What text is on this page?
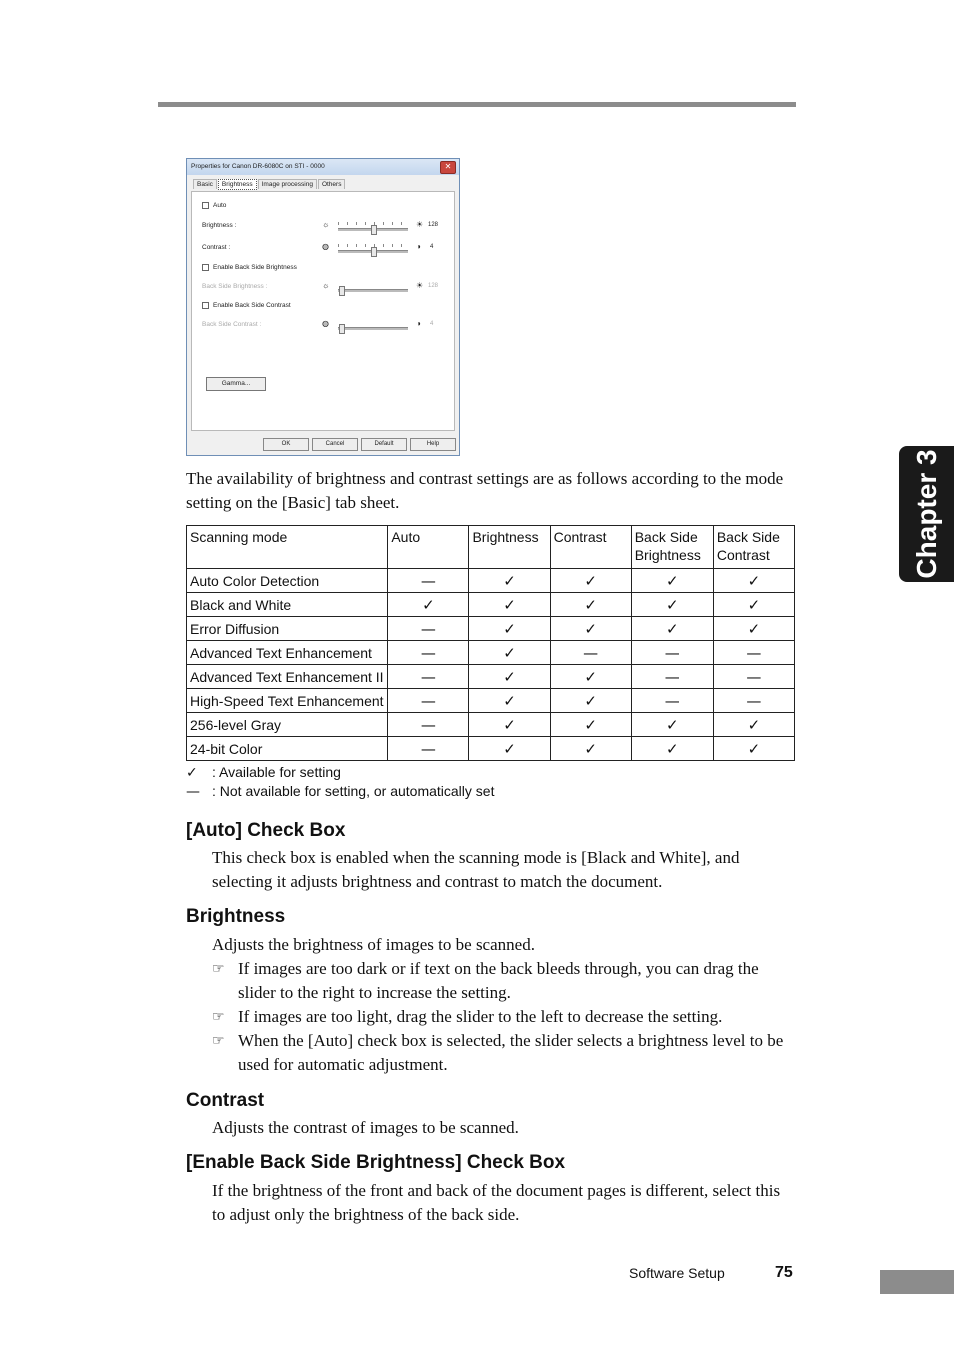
Properties for Canon DR-6080C on STI - 0000	✕
Basic Brightness Image processing Others
Auto
Brightness :	☼	☀ 128
Contrast :	◍	◑ 4
Enable Back Side Brightness
Back Side Brightness :	☼	☀ 128
Enable Back Side Contrast
Back Side Contrast :	◍	◑ 4
Gamma...
OK	Cancel	Default	Help

The availability of brightness and contrast settings are as follows according to the mode setting on the [Basic] tab sheet.

Scanning mode	Auto	Brightness	Contrast	Back Side Brightness	Back Side Contrast
Auto Color Detection	—	✓	✓	✓	✓
Black and White	✓	✓	✓	✓	✓
Error Diffusion	—	✓	✓	✓	✓
Advanced Text Enhancement	—	✓	—	—	—
Advanced Text Enhancement II	—	✓	✓	—	—
High-Speed Text Enhancement	—	✓	✓	—	—
256-level Gray	—	✓	✓	✓	✓
24-bit Color	—	✓	✓	✓	✓
✓ : Available for setting
— : Not available for setting, or automatically set
[Auto] Check Box

This check box is enabled when the scanning mode is [Black and White], and selecting it adjusts brightness and contrast to match the document.

Brightness

Adjusts the brightness of images to be scanned.

☞ If images are too dark or if text on the back bleeds through, you can drag the slider to the right to increase the setting.
☞ If images are too light, drag the slider to the left to decrease the setting.
☞ When the [Auto] check box is selected, the slider selects a brightness level to be used for automatic adjustment.
Contrast

Adjusts the contrast of images to be scanned.

[Enable Back Side Brightness] Check Box

If the brightness of the front and back of the document pages is different, select this to adjust only the brightness of the back side.

Chapter 3
Software Setup	75
